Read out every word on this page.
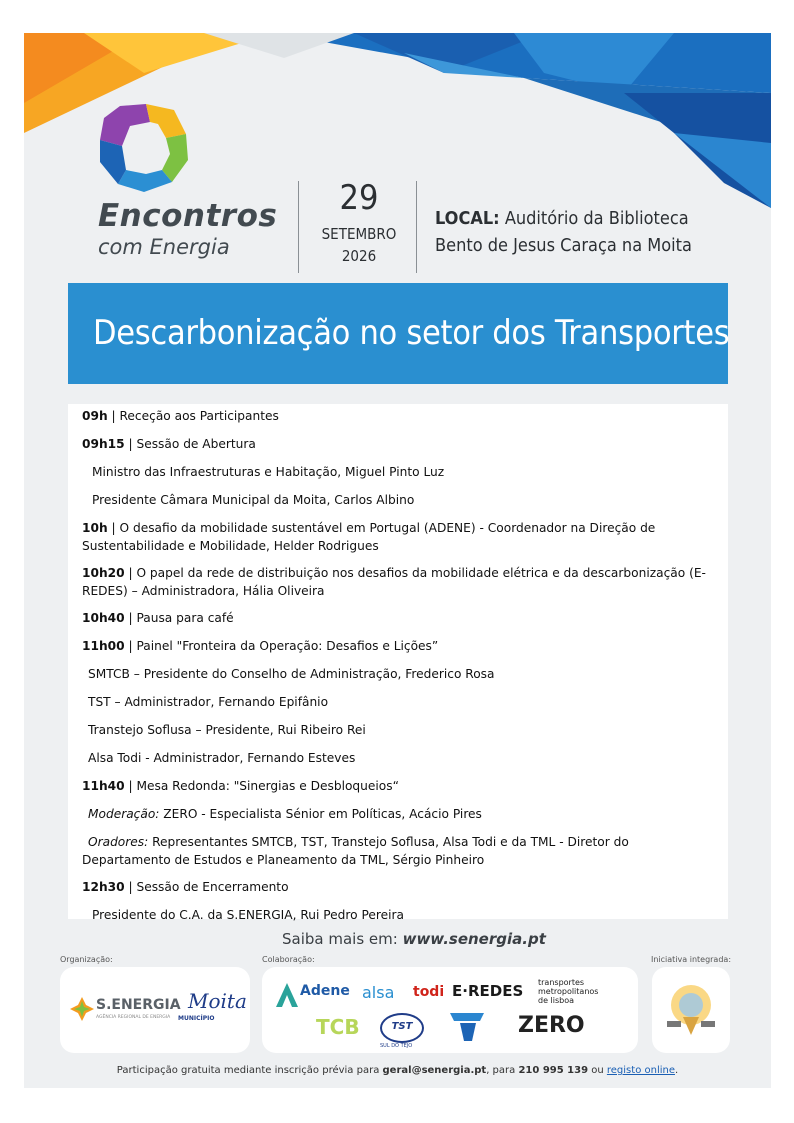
Encontros
com Energia
29
SETEMBRO
2026
LOCAL: Auditório da Biblioteca
Bento de Jesus Caraça na Moita
Descarbonização no setor dos Transportes
09h | Receção aos Participantes
09h15 | Sessão de Abertura
Ministro das Infraestruturas e Habitação, Miguel Pinto Luz
Presidente Câmara Municipal da Moita, Carlos Albino
10h | O desafio da mobilidade sustentável em Portugal (ADENE) - Coordenador na Direção de Sustentabilidade e Mobilidade, Helder Rodrigues
10h20 | O papel da rede de distribuição nos desafios da mobilidade elétrica e da descarbonização (E-REDES) – Administradora, Hália Oliveira
10h40 | Pausa para café
11h00 | Painel "Fronteira da Operação: Desafios e Lições”
SMTCB – Presidente do Conselho de Administração, Frederico Rosa
TST – Administrador, Fernando Epifânio
Transtejo Soflusa – Presidente, Rui Ribeiro Rei
Alsa Todi - Administrador, Fernando Esteves
11h40 | Mesa Redonda: "Sinergias e Desbloqueios“
Moderação: ZERO - Especialista Sénior em Políticas, Acácio Pires
Oradores: Representantes SMTCB, TST, Transtejo Soflusa, Alsa Todi e da TML - Diretor do Departamento de Estudos e Planeamento da TML, Sérgio Pinheiro
12h30 | Sessão de Encerramento
Presidente do C.A. da S.ENERGIA, Rui Pedro Pereira
Saiba mais em: www.senergia.pt
Organização:	Colaboração:	Iniciativa integrada:
S.ENERGIA
AGÊNCIA REGIONAL DE ENERGIA
Moita
MUNICÍPIO
Adene alsa todi E·REDES transportes
metropolitanos
de lisboa
TCB	TST
SUL DO TEJO
ZERO
Participação gratuita mediante inscrição prévia para geral@senergia.pt, para 210 995 139 ou registo online.
